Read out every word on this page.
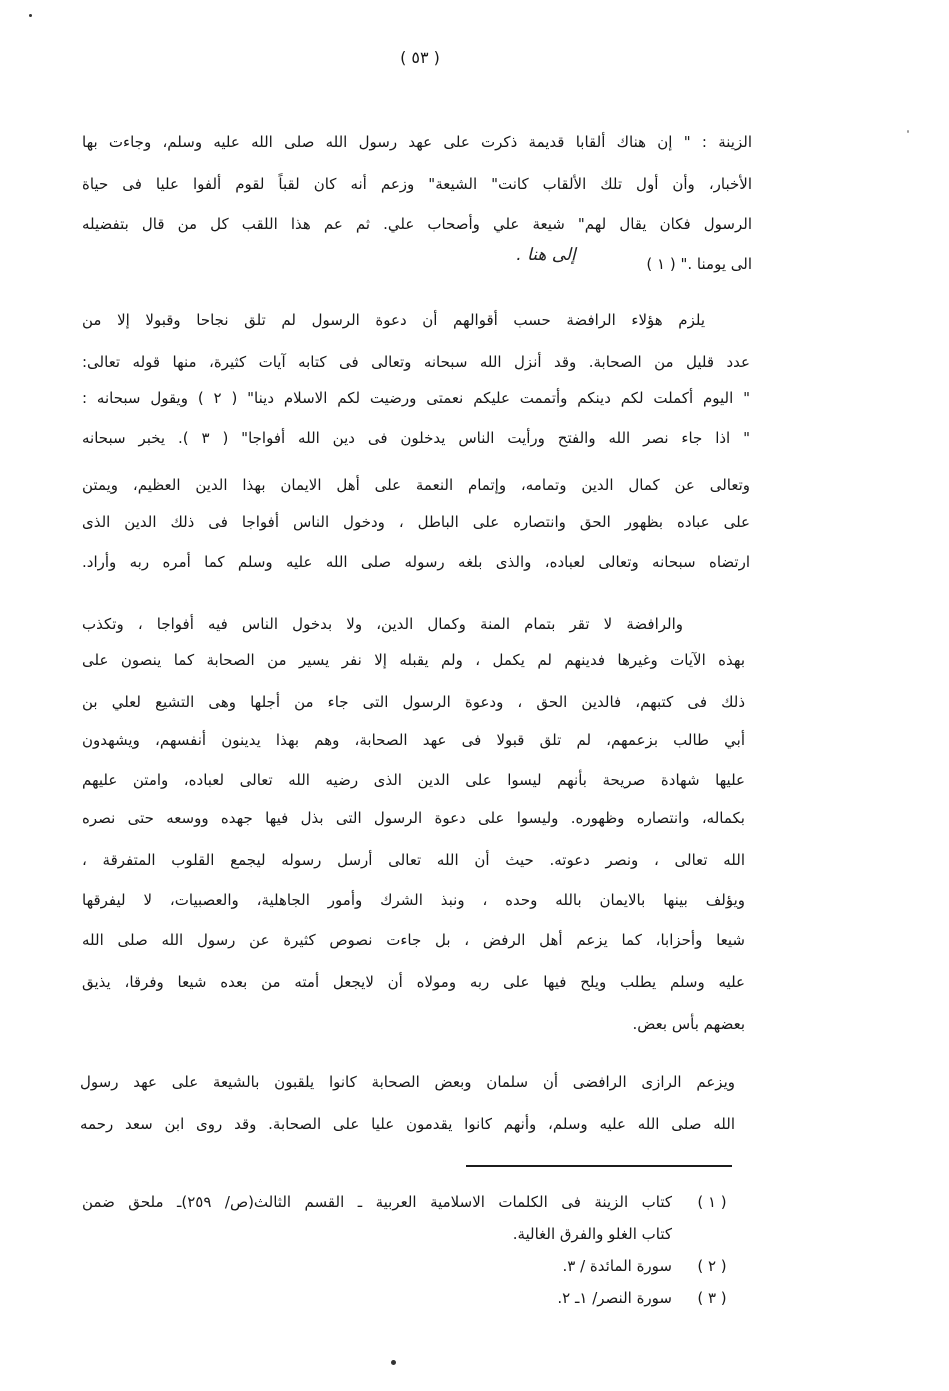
( ٥٣ )
الزينة : " إن هناك ألقابا قديمة ذكرت على عهد رسول الله صلى الله عليه وسلم، وجاءت بها
الأخبار، وأن أول تلك الألقاب كانت" الشيعة" وزعم أنه كان لقباً لقوم ألفوا عليا فى حياة
الرسول فكان يقال لهم" شيعة علي وأصحاب علي. ثم عم هذا اللقب كل من قال بتفضيله
الى يومنا ." ( ١ )
إلى هنا .
يلزم هؤلاء الرافضة حسب أقوالهم أن دعوة الرسول لم تلق نجاحا وقبولا إلا من
عدد قليل من الصحابة. وقد أنزل الله سبحانه وتعالى فى كتابه آيات كثيرة، منها قوله تعالى:
" اليوم أكملت لكم دينكم وأتممت عليكم نعمتى ورضيت لكم الاسلام دينا" ( ٢ ) ويقول سبحانه :
" اذا جاء نصر الله والفتح ورأيت الناس يدخلون فى دين الله أفواجا" ( ٣ ). يخبر سبحانه
وتعالى عن كمال الدين وتمامه، وإتمام النعمة على أهل الايمان بهذا الدين العظيم، ويمتن
على عباده بظهور الحق وانتصاره على الباطل ، ودخول الناس أفواجا فى ذلك الدين الذى
ارتضاه سبحانه وتعالى لعباده، والذى بلغه رسوله صلى الله عليه وسلم كما أمره ربه وأراد.
والرافضة لا تقر بتمام المنة وكمال الدين، ولا بدخول الناس فيه أفواجا ، وتكذب
بهذه الآيات وغيرها فدينهم لم يكمل ، ولم يقبله إلا نفر يسير من الصحابة كما ينصون على
ذلك فى كتبهم، فالدين الحق ، ودعوة الرسول التى جاء من أجلها وهى التشيع لعلي بن
أبي طالب بزعمهم، لم تلق قبولا فى عهد الصحابة، وهم بهذا يدينون أنفسهم، ويشهدون
عليها شهادة صريحة بأنهم ليسوا على الدين الذى رضيه الله تعالى لعباده، وامتن عليهم
بكماله، وانتصاره وظهوره. وليسوا على دعوة الرسول التى بذل فيها جهده ووسعه حتى نصره
الله تعالى ، ونصر دعوته. حيث أن الله تعالى أرسل رسوله ليجمع القلوب المتفرقة ،
ويؤلف بينها بالايمان بالله وحده ، ونبذ الشرك وأمور الجاهلية، والعصبيات، لا ليفرقها
شيعا وأحزابا، كما يزعم أهل الرفض ، بل جاءت نصوص كثيرة عن رسول الله صلى الله
عليه وسلم يطلب ويلح فيها على ربه ومولاه أن لايجعل أمته من بعده شيعا وفرقا، يذيق
بعضهم بأس بعض.
ويزعم الرازى الرافضى أن سلمان وبعض الصحابة كانوا يلقبون بالشيعة على عهد رسول
الله صلى الله عليه وسلم، وأنهم كانوا يقدمون عليا على الصحابة. وقد روى ابن سعد رحمه
( ١ )
كتاب الزينة فى الكلمات الاسلامية العربية ـ القسم الثالث(ص/ ٢٥٩)ـ ملحق ضمن
كتاب الغلو والفرق الغالية.
( ٢ )
سورة المائدة / ٣.
( ٣ )
سورة النصر/ ١ـ ٢.
